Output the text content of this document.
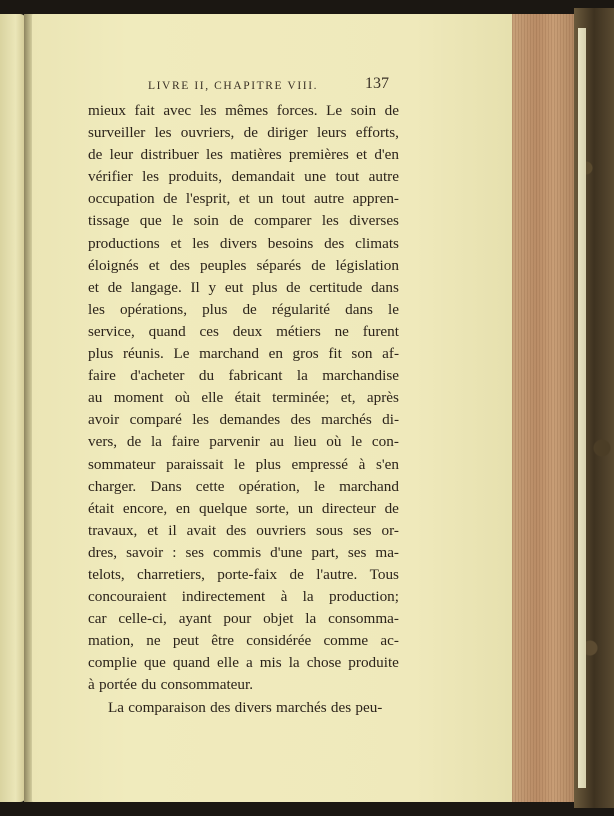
LIVRE II, CHAPITRE VIII.	137
mieux fait avec les mêmes forces. Le soin de
surveiller les ouvriers, de diriger leurs efforts,
de leur distribuer les matières premières et d'en
vérifier les produits, demandait une tout autre
occupation de l'esprit, et un tout autre appren-
tissage que le soin de comparer les diverses
productions et les divers besoins des climats
éloignés et des peuples séparés de législation
et de langage. Il y eut plus de certitude dans
les opérations, plus de régularité dans le
service, quand ces deux métiers ne furent
plus réunis. Le marchand en gros fit son af-
faire d'acheter du fabricant la marchandise
au moment où elle était terminée; et, après
avoir comparé les demandes des marchés di-
vers, de la faire parvenir au lieu où le con-
sommateur paraissait le plus empressé à s'en
charger. Dans cette opération, le marchand
était encore, en quelque sorte, un directeur de
travaux, et il avait des ouvriers sous ses or-
dres, savoir : ses commis d'une part, ses ma-
telots, charretiers, porte-faix de l'autre. Tous
concouraient indirectement à la production;
car celle-ci, ayant pour objet la consomma-
mation, ne peut être considérée comme ac-
complie que quand elle a mis la chose produite
à portée du consommateur.
La comparaison des divers marchés des peu-
